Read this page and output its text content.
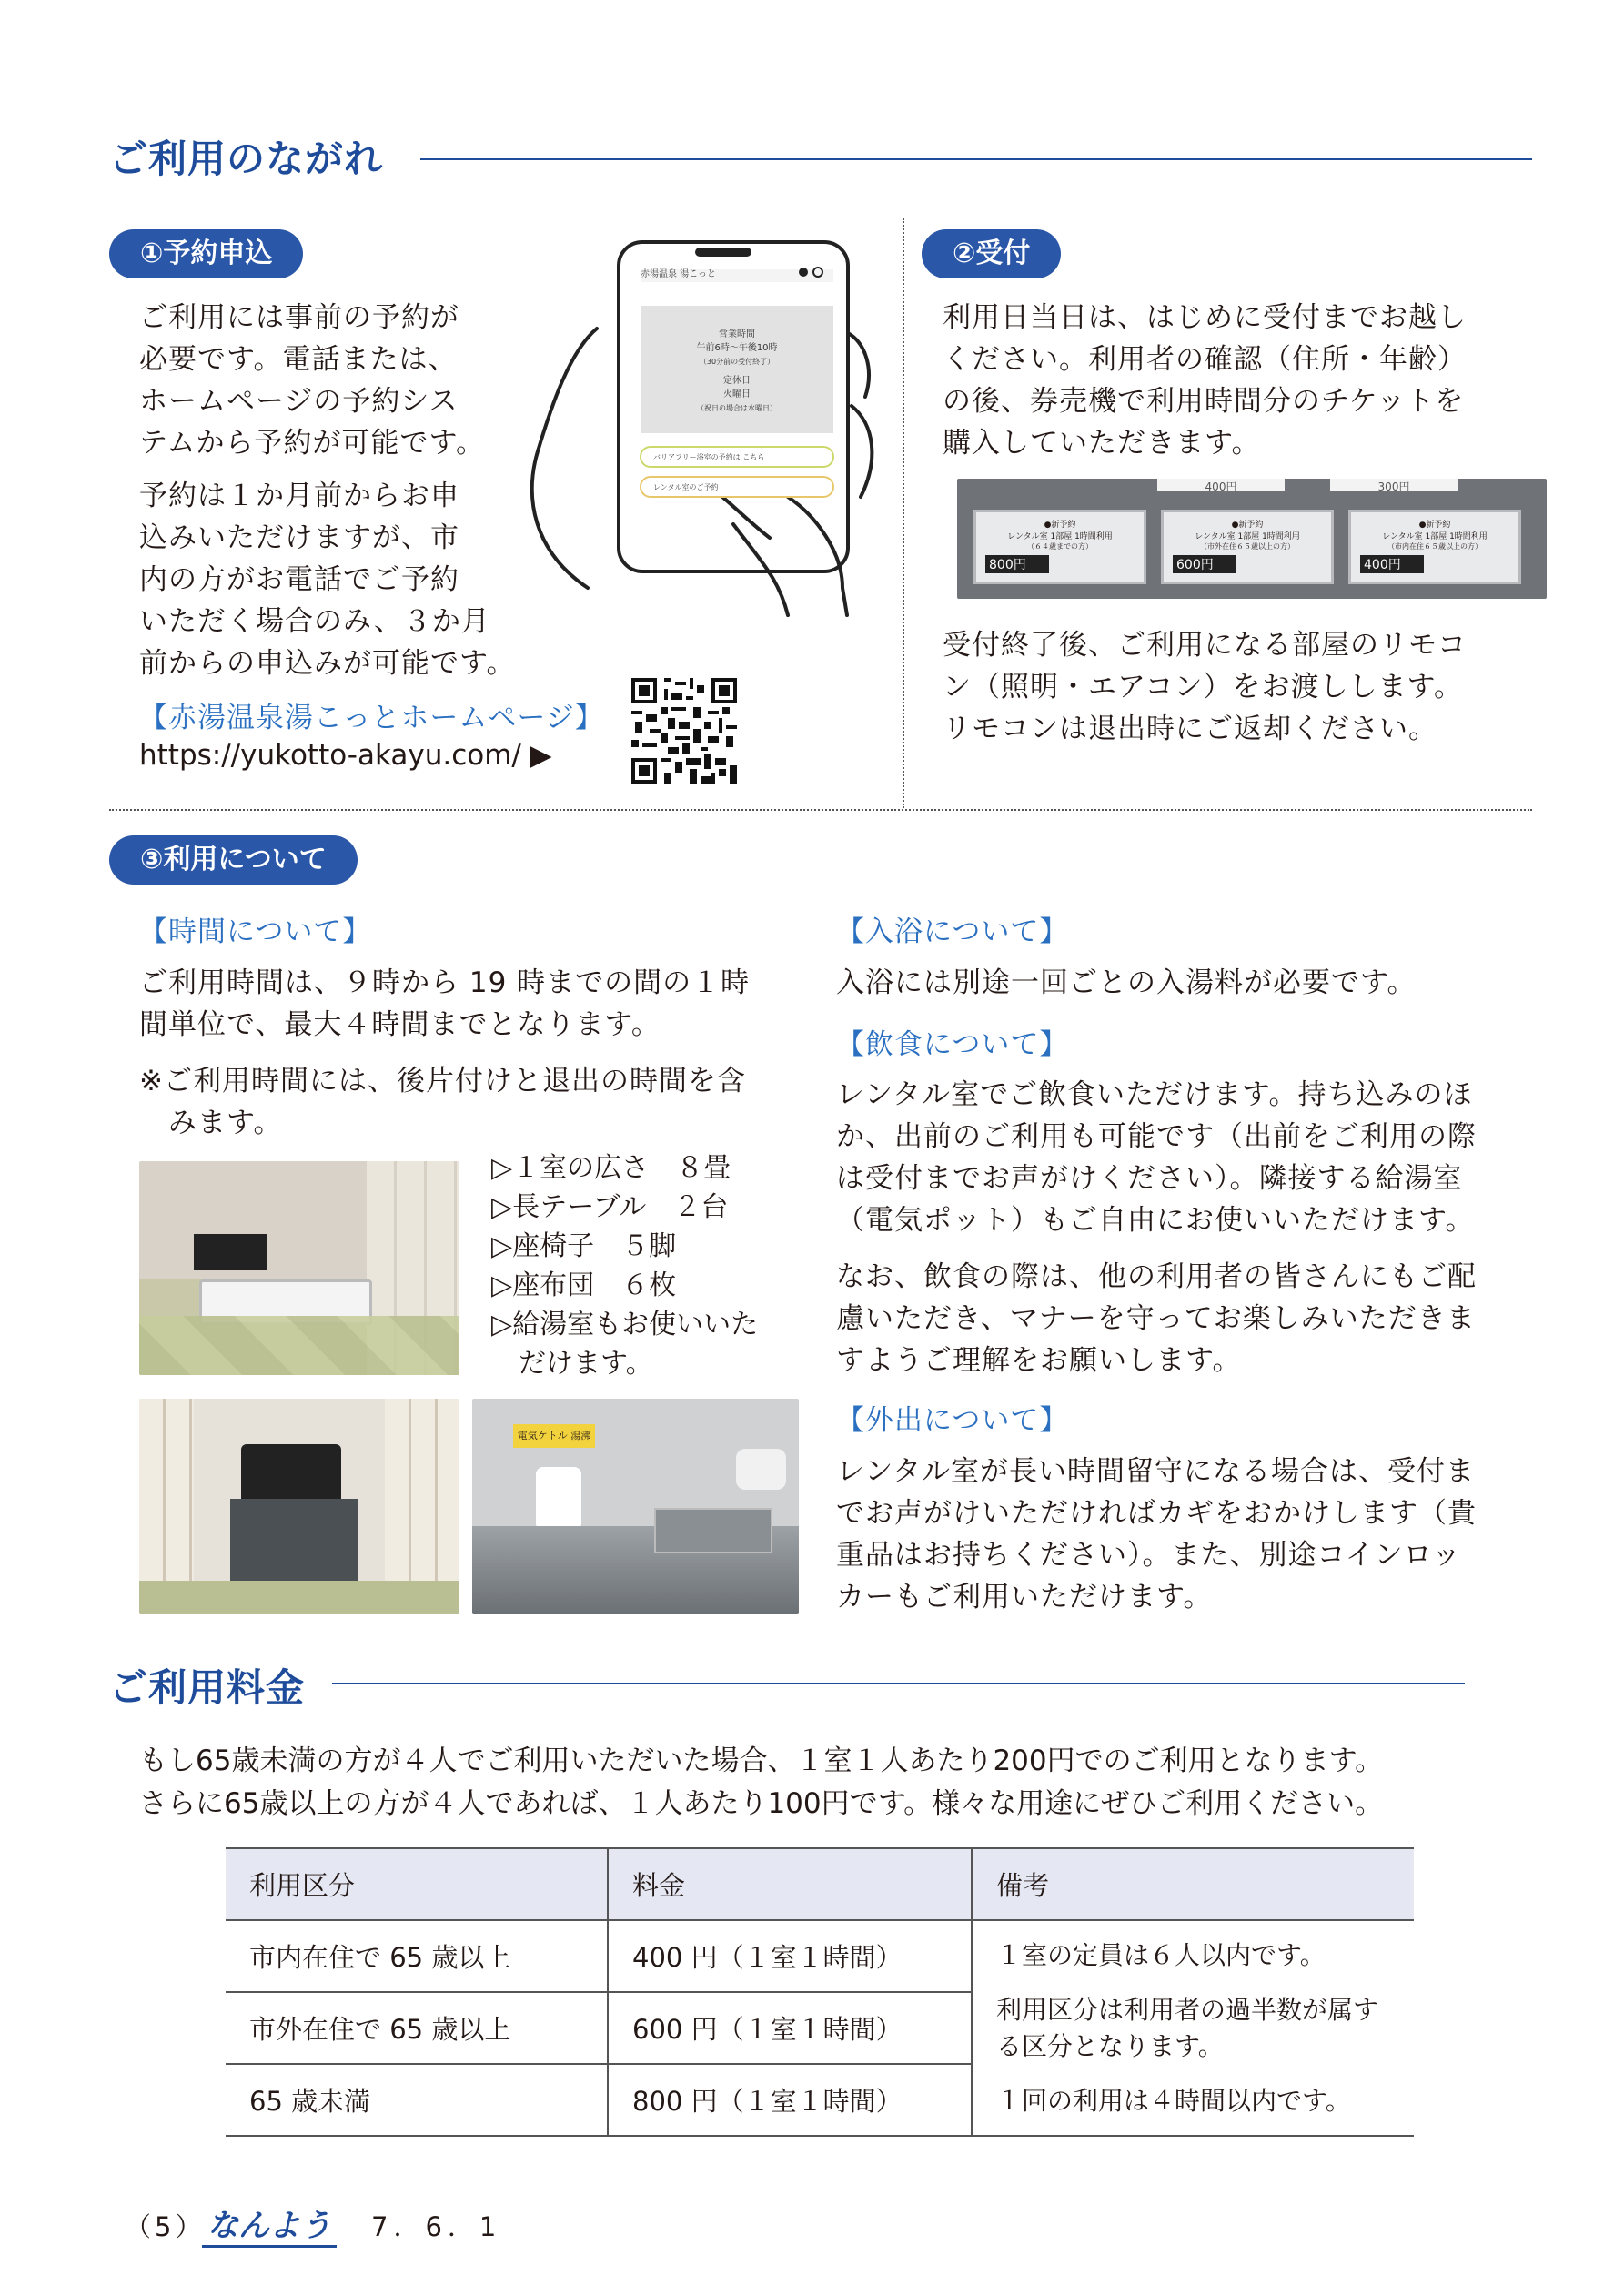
ご利用のながれ
①予約申込
ご利用には事前の予約が
必要です。電話または、
ホームページの予約シス
テムから予約が可能です。
予約は１か月前からお申
込みいただけますが、市
内の方がお電話でご予約
いただく場合のみ、３か月
前からの申込みが可能です。
【赤湯温泉湯こっとホームページ】
https://yukotto-akayu.com/ ▶
赤湯温泉 湯こっと
営業時間
午前6時～午後10時
（30分前の受付終了）
定休日
火曜日
（祝日の場合は水曜日）
バリアフリー浴室の予約は こちら
レンタル室のご予約
②受付
利用日当日は、はじめに受付までお越し
ください。利用者の確認（住所・年齢）
の後、券売機で利用時間分のチケットを
購入していただきます。
400円	300円
●新予約
レンタル室 1部屋 1時間利用
（６４歳までの方）
800円
●新予約
レンタル室 1部屋 1時間利用
（市外在住６５歳以上の方）
600円
●新予約
レンタル室 1部屋 1時間利用
（市内在住６５歳以上の方）
400円
受付終了後、ご利用になる部屋のリモコ
ン（照明・エアコン）をお渡しします。
リモコンは退出時にご返却ください。
③利用について
【時間について】
ご利用時間は、９時から 19 時までの間の１時
間単位で、最大４時間までとなります。
※ご利用時間には、後片付けと退出の時間を含
　みます。
▷１室の広さ　８畳
▷長テーブル　２台
▷座椅子　５脚
▷座布団　６枚
▷給湯室もお使いいた
　だけます。
電気ケトル 湯沸
【入浴について】
入浴には別途一回ごとの入湯料が必要です。
【飲食について】
レンタル室でご飲食いただけます。持ち込みのほ
か、出前のご利用も可能です（出前をご利用の際
は受付までお声がけください）。隣接する給湯室
（電気ポット）もご自由にお使いいただけます。
なお、飲食の際は、他の利用者の皆さんにもご配
慮いただき、マナーを守ってお楽しみいただきま
すようご理解をお願いします。
【外出について】
レンタル室が長い時間留守になる場合は、受付ま
でお声がけいただければカギをおかけします（貴
重品はお持ちください）。また、別途コインロッ
カーもご利用いただけます。
ご利用料金
もし65歳未満の方が４人でご利用いただいた場合、１室１人あたり200円でのご利用となります。
さらに65歳以上の方が４人であれば、１人あたり100円です。様々な用途にぜひご利用ください。
利用区分	料金	備考
市内在住で 65 歳以上	400 円（１室１時間）	１室の定員は６人以内です。

利用区分は利用者の過半数が属す

る区分となります。

１回の利用は４時間以内です。

市外在住で 65 歳以上	600 円（１室１時間）	
65 歳未満	800 円（１室１時間）	
（5） なんよう 7．6．1
